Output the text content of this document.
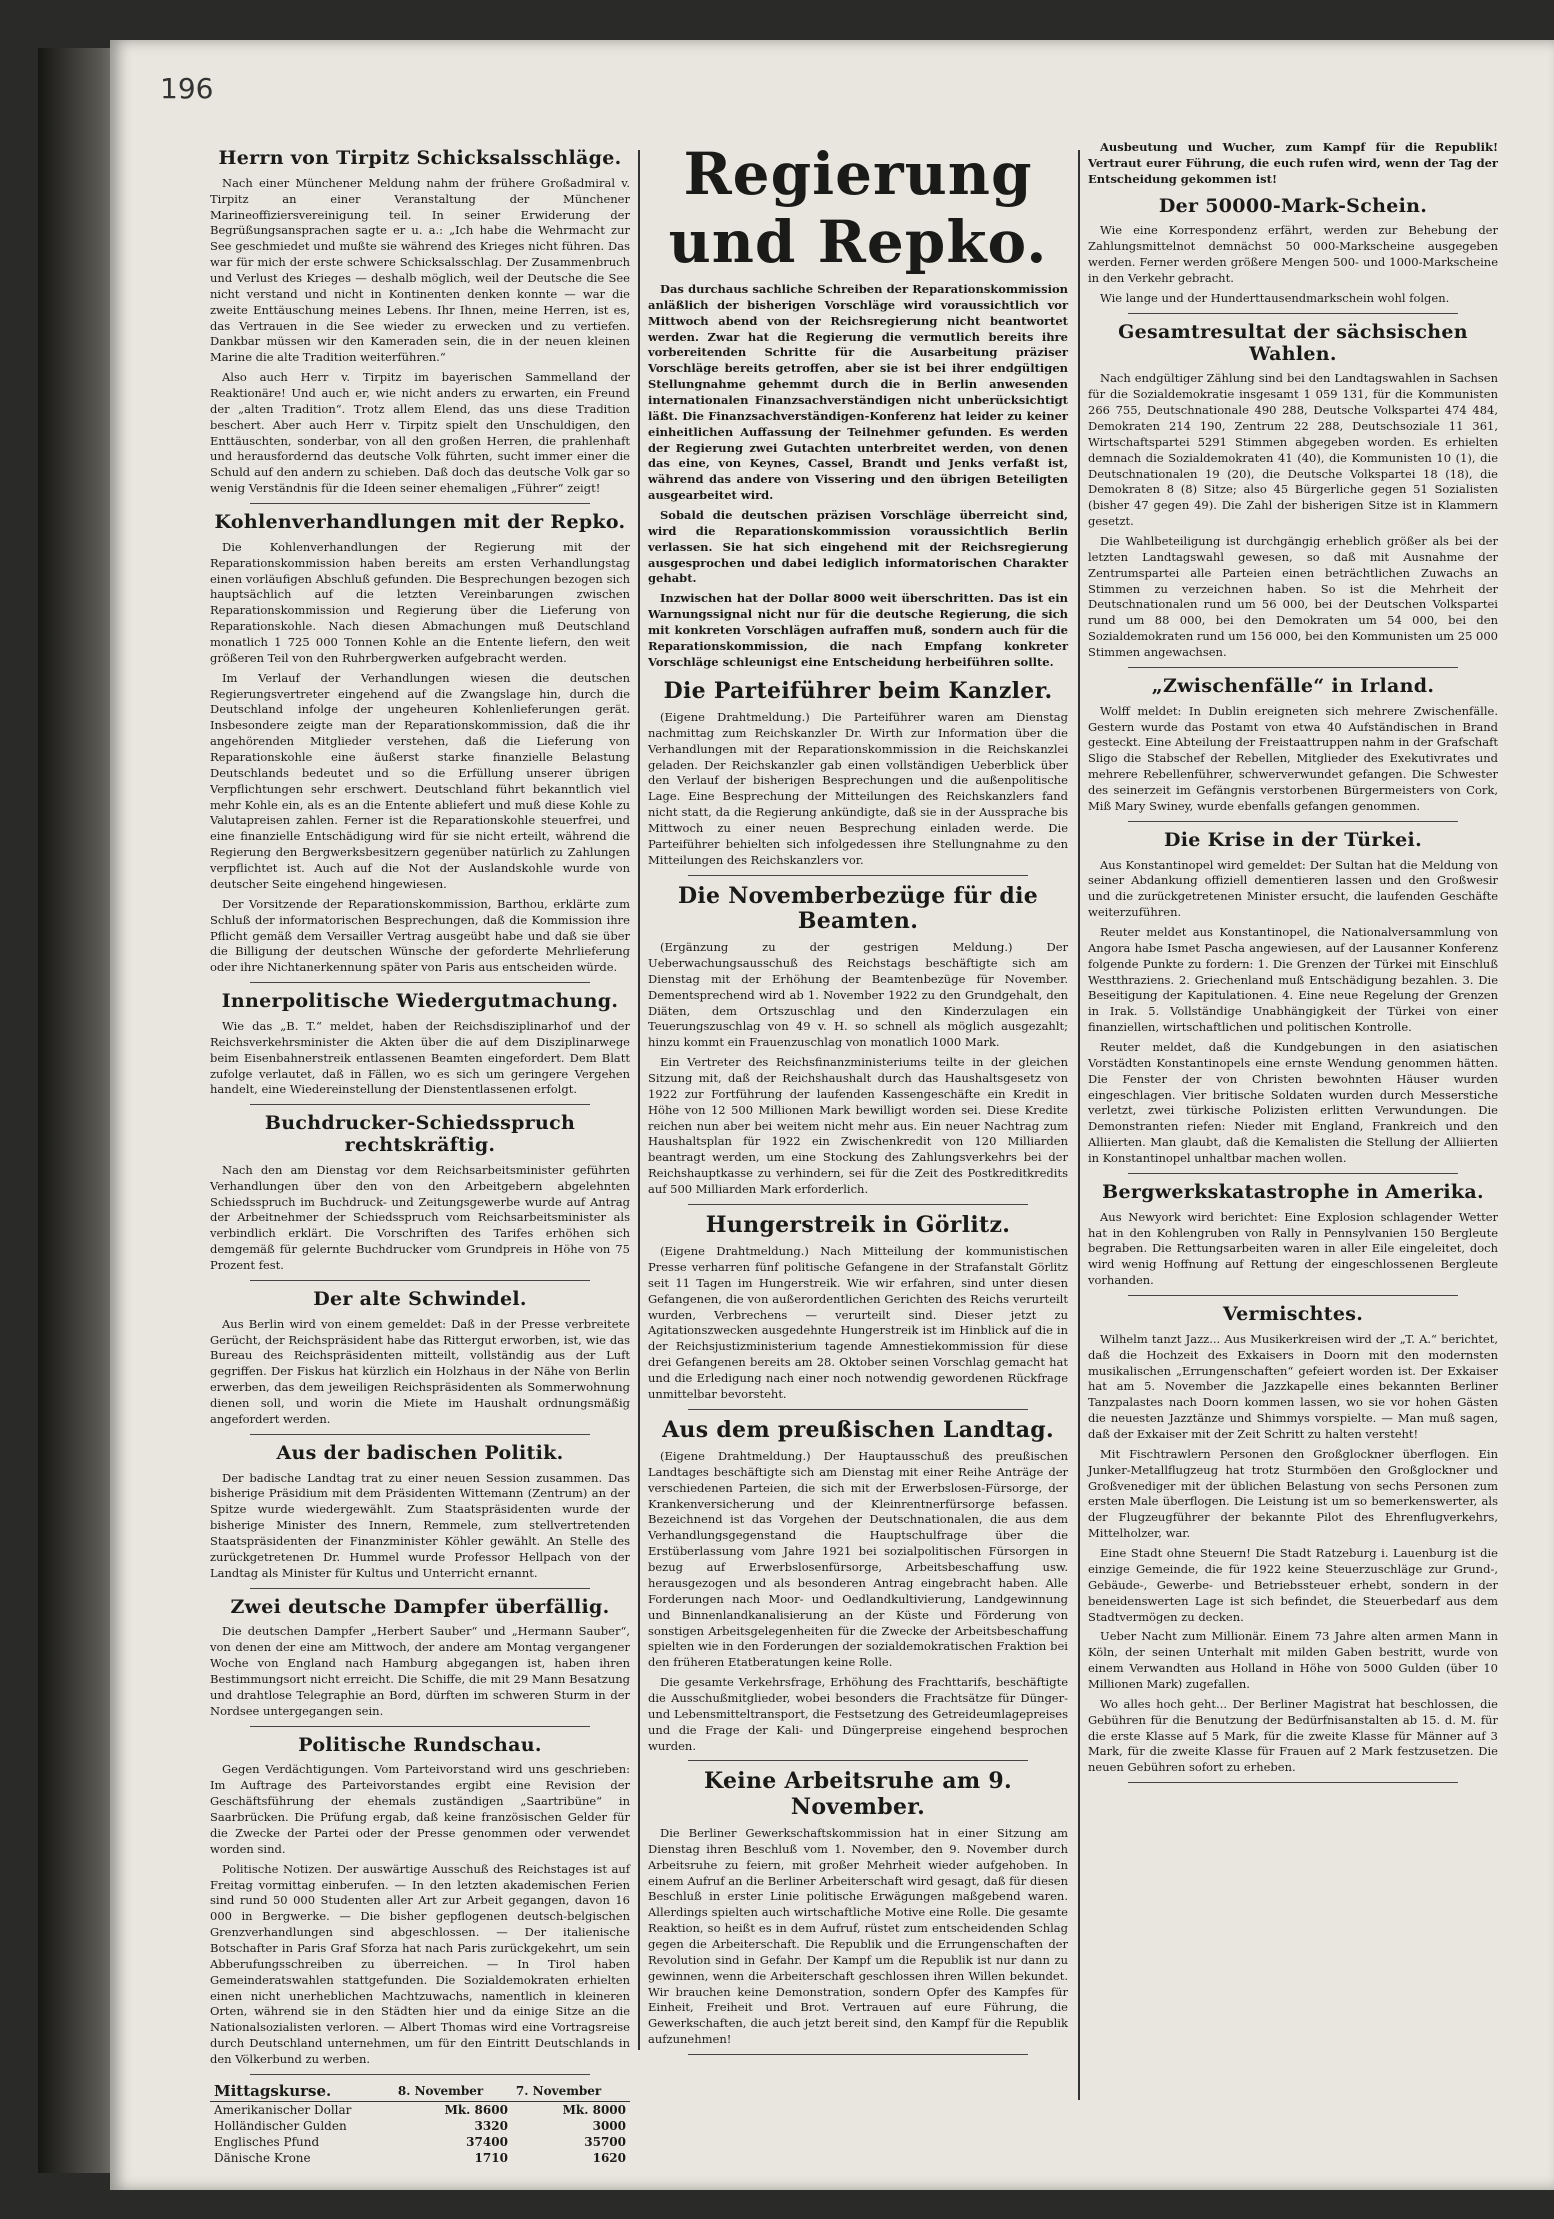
196
Herrn von Tirpitz Schicksalsschläge.

Nach einer Münchener Meldung nahm der frühere Großadmiral v. Tirpitz an einer Veranstaltung der Münchener Marineoffiziersvereinigung teil. In seiner Erwiderung der Begrüßungsansprachen sagte er u. a.: „Ich habe die Wehrmacht zur See geschmiedet und mußte sie während des Krieges nicht führen. Das war für mich der erste schwere Schicksalsschlag. Der Zusammenbruch und Verlust des Krieges — deshalb möglich, weil der Deutsche die See nicht verstand und nicht in Kontinenten denken konnte — war die zweite Enttäuschung meines Lebens. Ihr Ihnen, meine Herren, ist es, das Vertrauen in die See wieder zu erwecken und zu vertiefen. Dankbar müssen wir den Kameraden sein, die in der neuen kleinen Marine die alte Tradition weiterführen.“

Also auch Herr v. Tirpitz im bayerischen Sammelland der Reaktionäre! Und auch er, wie nicht anders zu erwarten, ein Freund der „alten Tradition“. Trotz allem Elend, das uns diese Tradition beschert. Aber auch Herr v. Tirpitz spielt den Unschuldigen, den Enttäuschten, sonderbar, von all den großen Herren, die prahlenhaft und herausfordernd das deutsche Volk führten, sucht immer einer die Schuld auf den andern zu schieben. Daß doch das deutsche Volk gar so wenig Verständnis für die Ideen seiner ehemaligen „Führer“ zeigt!

Kohlenverhandlungen mit der Repko.

Die Kohlenverhandlungen der Regierung mit der Reparationskommission haben bereits am ersten Verhandlungstag einen vorläufigen Abschluß gefunden. Die Besprechungen bezogen sich hauptsächlich auf die letzten Vereinbarungen zwischen Reparationskommission und Regierung über die Lieferung von Reparationskohle. Nach diesen Abmachungen muß Deutschland monatlich 1 725 000 Tonnen Kohle an die Entente liefern, den weit größeren Teil von den Ruhrbergwerken aufgebracht werden.

Im Verlauf der Verhandlungen wiesen die deutschen Regierungsvertreter eingehend auf die Zwangslage hin, durch die Deutschland infolge der ungeheuren Kohlenlieferungen gerät. Insbesondere zeigte man der Reparationskommission, daß die ihr angehörenden Mitglieder verstehen, daß die Lieferung von Reparationskohle eine äußerst starke finanzielle Belastung Deutschlands bedeutet und so die Erfüllung unserer übrigen Verpflichtungen sehr erschwert. Deutschland führt bekanntlich viel mehr Kohle ein, als es an die Entente abliefert und muß diese Kohle zu Valutapreisen zahlen. Ferner ist die Reparationskohle steuerfrei, und eine finanzielle Entschädigung wird für sie nicht erteilt, während die Regierung den Bergwerksbesitzern gegenüber natürlich zu Zahlungen verpflichtet ist. Auch auf die Not der Auslandskohle wurde von deutscher Seite eingehend hingewiesen.

Der Vorsitzende der Reparationskommission, Barthou, erklärte zum Schluß der informatorischen Besprechungen, daß die Kommission ihre Pflicht gemäß dem Versailler Vertrag ausgeübt habe und daß sie über die Billigung der deutschen Wünsche der geforderte Mehrlieferung oder ihre Nichtanerkennung später von Paris aus entscheiden würde.

Innerpolitische Wiedergutmachung.

Wie das „B. T.“ meldet, haben der Reichsdisziplinarhof und der Reichsverkehrsminister die Akten über die auf dem Disziplinarwege beim Eisenbahnerstreik entlassenen Beamten eingefordert. Dem Blatt zufolge verlautet, daß in Fällen, wo es sich um geringere Vergehen handelt, eine Wiedereinstellung der Dienstentlassenen erfolgt.

Buchdrucker-Schiedsspruch rechtskräftig.

Nach den am Dienstag vor dem Reichsarbeitsminister geführten Verhandlungen über den von den Arbeitgebern abgelehnten Schiedsspruch im Buchdruck- und Zeitungsgewerbe wurde auf Antrag der Arbeitnehmer der Schiedsspruch vom Reichsarbeitsminister als verbindlich erklärt. Die Vorschriften des Tarifes erhöhen sich demgemäß für gelernte Buchdrucker vom Grundpreis in Höhe von 75 Prozent fest.

Der alte Schwindel.

Aus Berlin wird von einem gemeldet: Daß in der Presse verbreitete Gerücht, der Reichspräsident habe das Rittergut erworben, ist, wie das Bureau des Reichspräsidenten mitteilt, vollständig aus der Luft gegriffen. Der Fiskus hat kürzlich ein Holzhaus in der Nähe von Berlin erwerben, das dem jeweiligen Reichspräsidenten als Sommerwohnung dienen soll, und worin die Miete im Haushalt ordnungsmäßig angefordert werden.

Aus der badischen Politik.

Der badische Landtag trat zu einer neuen Session zusammen. Das bisherige Präsidium mit dem Präsidenten Wittemann (Zentrum) an der Spitze wurde wiedergewählt. Zum Staatspräsidenten wurde der bisherige Minister des Innern, Remmele, zum stellvertretenden Staatspräsidenten der Finanzminister Köhler gewählt. An Stelle des zurückgetretenen Dr. Hummel wurde Professor Hellpach von der Landtag als Minister für Kultus und Unterricht ernannt.

Zwei deutsche Dampfer überfällig.

Die deutschen Dampfer „Herbert Sauber“ und „Hermann Sauber“, von denen der eine am Mittwoch, der andere am Montag vergangener Woche von England nach Hamburg abgegangen ist, haben ihren Bestimmungsort nicht erreicht. Die Schiffe, die mit 29 Mann Besatzung und drahtlose Telegraphie an Bord, dürften im schweren Sturm in der Nordsee untergegangen sein.

Politische Rundschau.

Gegen Verdächtigungen. Vom Parteivorstand wird uns geschrieben: Im Auftrage des Parteivorstandes ergibt eine Revision der Geschäftsführung der ehemals zuständigen „Saartribüne“ in Saarbrücken. Die Prüfung ergab, daß keine französischen Gelder für die Zwecke der Partei oder der Presse genommen oder verwendet worden sind.

Politische Notizen. Der auswärtige Ausschuß des Reichstages ist auf Freitag vormittag einberufen. — In den letzten akademischen Ferien sind rund 50 000 Studenten aller Art zur Arbeit gegangen, davon 16 000 in Bergwerke. — Die bisher gepflogenen deutsch-belgischen Grenzverhandlungen sind abgeschlossen. — Der italienische Botschafter in Paris Graf Sforza hat nach Paris zurückgekehrt, um sein Abberufungsschreiben zu überreichen. — In Tirol haben Gemeinderatswahlen stattgefunden. Die Sozialdemokraten erhielten einen nicht unerheblichen Machtzuwachs, namentlich in kleineren Orten, während sie in den Städten hier und da einige Sitze an die Nationalsozialisten verloren. — Albert Thomas wird eine Vortragsreise durch Deutschland unternehmen, um für den Eintritt Deutschlands in den Völkerbund zu werben.

Mittagskurse.	8. November	7. November
Amerikanischer Dollar	Mk. 8600	Mk. 8000
Holländischer Gulden	3320	3000
Englisches Pfund	37400	35700
Dänische Krone	1710	1620
Regierung und Repko.

Das durchaus sachliche Schreiben der Reparationskommission anläßlich der bisherigen Vorschläge wird voraussichtlich vor Mittwoch abend von der Reichsregierung nicht beantwortet werden. Zwar hat die Regierung die vermutlich bereits ihre vorbereitenden Schritte für die Ausarbeitung präziser Vorschläge bereits getroffen, aber sie ist bei ihrer endgültigen Stellungnahme gehemmt durch die in Berlin anwesenden internationalen Finanzsachverständigen nicht unberücksichtigt läßt. Die Finanzsachverständigen-Konferenz hat leider zu keiner einheitlichen Auffassung der Teilnehmer gefunden. Es werden der Regierung zwei Gutachten unterbreitet werden, von denen das eine, von Keynes, Cassel, Brandt und Jenks verfaßt ist, während das andere von Vissering und den übrigen Beteiligten ausgearbeitet wird.

Sobald die deutschen präzisen Vorschläge überreicht sind, wird die Reparationskommission voraussichtlich Berlin verlassen. Sie hat sich eingehend mit der Reichsregierung ausgesprochen und dabei lediglich informatorischen Charakter gehabt.

Inzwischen hat der Dollar 8000 weit überschritten. Das ist ein Warnungssignal nicht nur für die deutsche Regierung, die sich mit konkreten Vorschlägen aufraffen muß, sondern auch für die Reparationskommission, die nach Empfang konkreter Vorschläge schleunigst eine Entscheidung herbeiführen sollte.

Die Parteiführer beim Kanzler.

(Eigene Drahtmeldung.) Die Parteiführer waren am Dienstag nachmittag zum Reichskanzler Dr. Wirth zur Information über die Verhandlungen mit der Reparationskommission in die Reichskanzlei geladen. Der Reichskanzler gab einen vollständigen Ueberblick über den Verlauf der bisherigen Besprechungen und die außenpolitische Lage. Eine Besprechung der Mitteilungen des Reichskanzlers fand nicht statt, da die Regierung ankündigte, daß sie in der Aussprache bis Mittwoch zu einer neuen Besprechung einladen werde. Die Parteiführer behielten sich infolgedessen ihre Stellungnahme zu den Mitteilungen des Reichskanzlers vor.

Die Novemberbezüge für die Beamten.

(Ergänzung zu der gestrigen Meldung.) Der Ueberwachungsausschuß des Reichstags beschäftigte sich am Dienstag mit der Erhöhung der Beamtenbezüge für November. Dementsprechend wird ab 1. November 1922 zu den Grundgehalt, den Diäten, dem Ortszuschlag und den Kinderzulagen ein Teuerungszuschlag von 49 v. H. so schnell als möglich ausgezahlt; hinzu kommt ein Frauenzuschlag von monatlich 1000 Mark.

Ein Vertreter des Reichsfinanzministeriums teilte in der gleichen Sitzung mit, daß der Reichshaushalt durch das Haushaltsgesetz von 1922 zur Fortführung der laufenden Kassengeschäfte ein Kredit in Höhe von 12 500 Millionen Mark bewilligt worden sei. Diese Kredite reichen nun aber bei weitem nicht mehr aus. Ein neuer Nachtrag zum Haushaltsplan für 1922 ein Zwischenkredit von 120 Milliarden beantragt werden, um eine Stockung des Zahlungsverkehrs bei der Reichshauptkasse zu verhindern, sei für die Zeit des Postkreditkredits auf 500 Milliarden Mark erforderlich.

Hungerstreik in Görlitz.

(Eigene Drahtmeldung.) Nach Mitteilung der kommunistischen Presse verharren fünf politische Gefangene in der Strafanstalt Görlitz seit 11 Tagen im Hungerstreik. Wie wir erfahren, sind unter diesen Gefangenen, die von außerordentlichen Gerichten des Reichs verurteilt wurden, Verbrechens — verurteilt sind. Dieser jetzt zu Agitationszwecken ausgedehnte Hungerstreik ist im Hinblick auf die in der Reichsjustizministerium tagende Amnestiekommission für diese drei Gefangenen bereits am 28. Oktober seinen Vorschlag gemacht hat und die Erledigung nach einer noch notwendig gewordenen Rückfrage unmittelbar bevorsteht.

Aus dem preußischen Landtag.

(Eigene Drahtmeldung.) Der Hauptausschuß des preußischen Landtages beschäftigte sich am Dienstag mit einer Reihe Anträge der verschiedenen Parteien, die sich mit der Erwerbslosen-Fürsorge, der Krankenversicherung und der Kleinrentnerfürsorge befassen. Bezeichnend ist das Vorgehen der Deutschnationalen, die aus dem Verhandlungsgegenstand die Hauptschulfrage über die Erstüberlassung vom Jahre 1921 bei sozialpolitischen Fürsorgen in bezug auf Erwerbslosenfürsorge, Arbeitsbeschaffung usw. herausgezogen und als besonderen Antrag eingebracht haben. Alle Forderungen nach Moor- und Oedlandkultivierung, Landgewinnung und Binnenlandkanalisierung an der Küste und Förderung von sonstigen Arbeitsgelegenheiten für die Zwecke der Arbeitsbeschaffung spielten wie in den Forderungen der sozialdemokratischen Fraktion bei den früheren Etatberatungen keine Rolle.

Die gesamte Verkehrsfrage, Erhöhung des Frachttarifs, beschäftigte die Ausschußmitglieder, wobei besonders die Frachtsätze für Dünger- und Lebensmitteltransport, die Festsetzung des Getreideumlagepreises und die Frage der Kali- und Düngerpreise eingehend besprochen wurden.

Keine Arbeitsruhe am 9. November.

Die Berliner Gewerkschaftskommission hat in einer Sitzung am Dienstag ihren Beschluß vom 1. November, den 9. November durch Arbeitsruhe zu feiern, mit großer Mehrheit wieder aufgehoben. In einem Aufruf an die Berliner Arbeiterschaft wird gesagt, daß für diesen Beschluß in erster Linie politische Erwägungen maßgebend waren. Allerdings spielten auch wirtschaftliche Motive eine Rolle. Die gesamte Reaktion, so heißt es in dem Aufruf, rüstet zum entscheidenden Schlag gegen die Arbeiterschaft. Die Republik und die Errungenschaften der Revolution sind in Gefahr. Der Kampf um die Republik ist nur dann zu gewinnen, wenn die Arbeiterschaft geschlossen ihren Willen bekundet. Wir brauchen keine Demonstration, sondern Opfer des Kampfes für Einheit, Freiheit und Brot. Vertrauen auf eure Führung, die Gewerkschaften, die auch jetzt bereit sind, den Kampf für die Republik aufzunehmen!

Ausbeutung und Wucher, zum Kampf für die Republik! Vertraut eurer Führung, die euch rufen wird, wenn der Tag der Entscheidung gekommen ist!

Der 50000-Mark-Schein.

Wie eine Korrespondenz erfährt, werden zur Behebung der Zahlungsmittelnot demnächst 50 000-Markscheine ausgegeben werden. Ferner werden größere Mengen 500- und 1000-Markscheine in den Verkehr gebracht.

Wie lange und der Hunderttausendmarkschein wohl folgen.

Gesamtresultat der sächsischen Wahlen.

Nach endgültiger Zählung sind bei den Landtagswahlen in Sachsen für die Sozialdemokratie insgesamt 1 059 131, für die Kommunisten 266 755, Deutschnationale 490 288, Deutsche Volkspartei 474 484, Demokraten 214 190, Zentrum 22 288, Deutschsoziale 11 361, Wirtschaftspartei 5291 Stimmen abgegeben worden. Es erhielten demnach die Sozialdemokraten 41 (40), die Kommunisten 10 (1), die Deutschnationalen 19 (20), die Deutsche Volkspartei 18 (18), die Demokraten 8 (8) Sitze; also 45 Bürgerliche gegen 51 Sozialisten (bisher 47 gegen 49). Die Zahl der bisherigen Sitze ist in Klammern gesetzt.

Die Wahlbeteiligung ist durchgängig erheblich größer als bei der letzten Landtagswahl gewesen, so daß mit Ausnahme der Zentrumspartei alle Parteien einen beträchtlichen Zuwachs an Stimmen zu verzeichnen haben. So ist die Mehrheit der Deutschnationalen rund um 56 000, bei der Deutschen Volkspartei rund um 88 000, bei den Demokraten um 54 000, bei den Sozialdemokraten rund um 156 000, bei den Kommunisten um 25 000 Stimmen angewachsen.

„Zwischenfälle“ in Irland.

Wolff meldet: In Dublin ereigneten sich mehrere Zwischenfälle. Gestern wurde das Postamt von etwa 40 Aufständischen in Brand gesteckt. Eine Abteilung der Freistaattruppen nahm in der Grafschaft Sligo die Stabschef der Rebellen, Mitglieder des Exekutivrates und mehrere Rebellenführer, schwerverwundet gefangen. Die Schwester des seinerzeit im Gefängnis verstorbenen Bürgermeisters von Cork, Miß Mary Swiney, wurde ebenfalls gefangen genommen.

Die Krise in der Türkei.

Aus Konstantinopel wird gemeldet: Der Sultan hat die Meldung von seiner Abdankung offiziell dementieren lassen und den Großwesir und die zurückgetretenen Minister ersucht, die laufenden Geschäfte weiterzuführen.

Reuter meldet aus Konstantinopel, die Nationalversammlung von Angora habe Ismet Pascha angewiesen, auf der Lausanner Konferenz folgende Punkte zu fordern: 1. Die Grenzen der Türkei mit Einschluß Westthraziens. 2. Griechenland muß Entschädigung bezahlen. 3. Die Beseitigung der Kapitulationen. 4. Eine neue Regelung der Grenzen in Irak. 5. Vollständige Unabhängigkeit der Türkei von einer finanziellen, wirtschaftlichen und politischen Kontrolle.

Reuter meldet, daß die Kundgebungen in den asiatischen Vorstädten Konstantinopels eine ernste Wendung genommen hätten. Die Fenster der von Christen bewohnten Häuser wurden eingeschlagen. Vier britische Soldaten wurden durch Messerstiche verletzt, zwei türkische Polizisten erlitten Verwundungen. Die Demonstranten riefen: Nieder mit England, Frankreich und den Alliierten. Man glaubt, daß die Kemalisten die Stellung der Alliierten in Konstantinopel unhaltbar machen wollen.

Bergwerkskatastrophe in Amerika.

Aus Newyork wird berichtet: Eine Explosion schlagender Wetter hat in den Kohlengruben von Rally in Pennsylvanien 150 Bergleute begraben. Die Rettungsarbeiten waren in aller Eile eingeleitet, doch wird wenig Hoffnung auf Rettung der eingeschlossenen Bergleute vorhanden.

Vermischtes.

Wilhelm tanzt Jazz... Aus Musikerkreisen wird der „T. A.“ berichtet, daß die Hochzeit des Exkaisers in Doorn mit den modernsten musikalischen „Errungenschaften“ gefeiert worden ist. Der Exkaiser hat am 5. November die Jazzkapelle eines bekannten Berliner Tanzpalastes nach Doorn kommen lassen, wo sie vor hohen Gästen die neuesten Jazztänze und Shimmys vorspielte. — Man muß sagen, daß der Exkaiser mit der Zeit Schritt zu halten versteht!

Mit Fischtrawlern Personen den Großglockner überflogen. Ein Junker-Metallflugzeug hat trotz Sturmböen den Großglockner und Großvenediger mit der üblichen Belastung von sechs Personen zum ersten Male überflogen. Die Leistung ist um so bemerkenswerter, als der Flugzeugführer der bekannte Pilot des Ehrenflugverkehrs, Mittelholzer, war.

Eine Stadt ohne Steuern! Die Stadt Ratzeburg i. Lauenburg ist die einzige Gemeinde, die für 1922 keine Steuerzuschläge zur Grund-, Gebäude-, Gewerbe- und Betriebssteuer erhebt, sondern in der beneidenswerten Lage ist sich befindet, die Steuerbedarf aus dem Stadtvermögen zu decken.

Ueber Nacht zum Millionär. Einem 73 Jahre alten armen Mann in Köln, der seinen Unterhalt mit milden Gaben bestritt, wurde von einem Verwandten aus Holland in Höhe von 5000 Gulden (über 10 Millionen Mark) zugefallen.

Wo alles hoch geht... Der Berliner Magistrat hat beschlossen, die Gebühren für die Benutzung der Bedürfnisanstalten ab 15. d. M. für die erste Klasse auf 5 Mark, für die zweite Klasse für Männer auf 3 Mark, für die zweite Klasse für Frauen auf 2 Mark festzusetzen. Die neuen Gebühren sofort zu erheben.
